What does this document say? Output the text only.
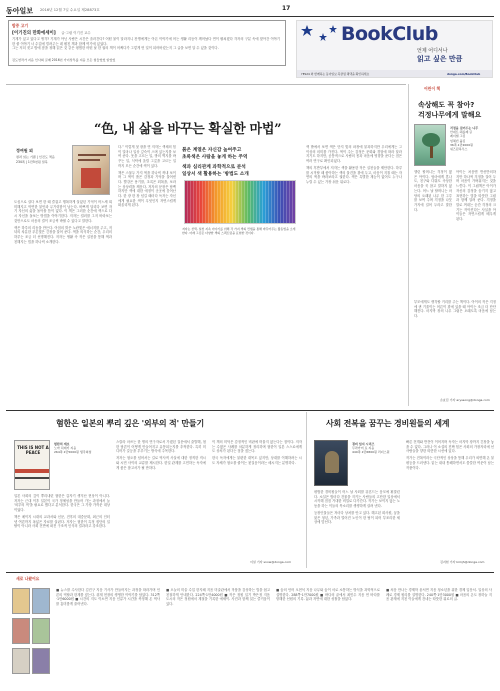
동아일보 2016년 12월 7일 수요일 제28873호	17
밤중 고기
[이기진의 만화에세이] 글·그림 이기진 교수

기계가 있고 있다고 생각? 기계가 아닌 사람은 시간은 흘러간다? 어떤 물이 달라지니 잔병에게는 아픈 이야기에 어는 생활 리듬이 깨어났다 연이 펼쳐졌다 각자의 구분 속에 찾아간 이야기 한 줄 이야기 너 수업에 빌려주는 데 펼친 책과 함께 여기에 있었다.

그는 저녁 짓고 밤에 잠을 청해 읽은 것 같은 평범한 어떤 날 한 권의 책이 어쩌다가 그렇게 먼 일이 되어버렸는지 그 글을 보면 알 수 있을 것이다.

김도연작가 지음 인사회 글배 2016년 가이상투를 지음 모든 힘들었었 읽었었
BookClub
언제 어디서나
읽고 싶은 만큼
YES24 와 함께하는 동아일보 북클럽 혜택을 확인하세요	donga.com/BookClub
“色, 내 삶을 바꾸는 확실한 마법”
정여원 외
컬러 읽는 기쁨 | 인진도 책음
234쪽 | 1만5천원 밀북

도심으로 살다 보면 한 때 즐겁고 행복하게 살았던 기억이 어느새 희미해지고 막연한 불안과 무기력함이 남는다. 바쁘게 달리다 보면 자기 자신의 삶을 돌아볼 틈이 없다. 이 책은 그러한 순간에 색으로 다시 자신을 돌보는 방법을 이야기한다. 저자는 컬러를 그저 바라보는 것만으로도 마음의 결이 조금씩 바뀔 수 있다고 말한다.

색은 하루의 리듬을 만든다. 아침의 밝은 노란빛은 에너지를 주고, 저녁의 차분한 푸른빛은 긴장을 풀어 준다. 색을 의식하는 순간, 우리의 하루는 조금 더 선명해진다. 저자는 생활 속 작은 실천을 통해 색과 친해지는 법을 하나씩 소개한다.

다.” 이렇게 첫 장을 연 저자는 색채의 힘이 얼마나 일상 깊숙이 스며 있는지를 보여 준다. 옷을 고르는 일, 방의 벽지를 바꾸는 일, 식탁에 올릴 그릇을 고르는 일까지 모든 순간에 색이 있다.

책은 스물두 가지 색을 하나씩 꺼내 보이며 그 색이 품은 감정과 기억을 풀어낸다. 빨강은 용기를, 초록은 회복을, 보라는 상상력을 깨운다. 저자의 문장은 담백하지만 색에 대한 애정이 곳곳에 묻어난다. 한 장 한 장 넘길 때마다 독자는 자신에게 필요한 색이 무엇인지 자연스럽게 떠올리게 된다.

붉은 계열은 자신감 높여주고
초록색은 사람을 놓게 하는 주역
색과 심리관계 과학적으로 분석
일상서 색 활용하는 '방법도 소개
저자는 선택, 실천 지속 이야기를 위해 각 가지 색의 컨셉을 통해 바꾸어주는 활동법을 소개한다. 아래 그림은 다양한 색의 스펙트럼을 표현한 것이다.

색 밖에서 보면 색은 단지 빛의 파장에 불과하지만 우리에게는 그 이상의 의미를 가진다. 색이 주는 감정은 문화와 경험에 따라 달라지기도 하지만, 공통적으로 사람의 몸과 마음에 영향을 준다는 점은 여러 연구로 확인되었다.

책의 후반부에서 저자는 색을 활용한 작은 실천들을 제안한다. 하루를 시작할 때 좋아하는 색의 물건을 곁에 두고, 마음이 지칠 때는 자연의 색을 바라보라고 권한다. 색은 특별한 재능이 없어도 누구나 누릴 수 있는 가장 쉬운 위로다.

어린이 책
속상해도 꼭 참아?
걱정나무에게 말해요
걱정을 걸어두는 나무
안네트·헤를레 글
레이첼 그림
임혜빈 옮김
36쪽·1만2000원
위즈덤하우스

엘린 할머니는 걱정이 많은 아이다. 엄마에게 혼나도, 친구와 다퉈도 속상한 마음을 꾹 참고 말하지 않는다. 어느 날 할머니는 마당의 오래된 나무 한 그루를 보여 주며 걱정을 나뭇가지에 걸어 두라고 말한다.

아이는 처음엔 반신반의하지만 하나씩 걱정을 걸어 두며 마음이 가벼워지는 것을 느낀다. 이 그림책은 아이가 자신의 감정을 숨기지 않고 표현하는 법을 따뜻한 그림과 함께 알려 준다. 걱정을 말로 꺼내는 순간 걱정의 크기는 작아진다는 사실을 아이들은 자연스럽게 배우게 된다.

부모에게도 생각할 거리를 주는 책이다. 아이의 작은 걱정에 귀 기울이는 어른이 곁에 있을 때 아이는 조금 더 단단해진다. 마지막 장의 나무 그림은 오래도록 마음에 남는다.

손효림 기자 aryssong@donga.com
혐한은 일본의 뿌리 깊은 '외부의 적' 만들기
THIS IS NOT A PEACE
혐한의 계보
노마 히데키 지음
264쪽·1만5000원 생각의힘

일본 사회의 깊이 뿌리내린 혐한은 갑자기 생겨난 현상이 아니다. 저자는 근대 이후 일본이 국가 정체성을 만들어 가는 과정에서 늘 '외부의 적'을 필요로 했다고 분석한다. 한국은 그 가장 가까운 대상이었다.

책은 메이지 시대의 교과서와 신문, 전후의 대중문화, 최근의 인터넷 여론까지 폭넓은 자료를 살핀다. 저자는 혐한이 특정 집단의 일탈이 아니라 사회 전반에 퍼진 구조적 인식의 결과라고 강조한다.

스칼라 마쓰는 한 명의 연구자로서 가졌던 질문에서 출발해, 혐한 담론이 어떻게 만들어지고 유통되는지를 추적한다. 특히 미디어가 갈등을 부추기는 방식에 주목한다.

저자는 혐오를 넘어서는 길로 역사적 사실에 대한 정직한 직시와 시민 사이의 교류를 제시한다. 한일 관계를 고민하는 독자에게 좋은 참고서가 될 만하다.

이 책의 미덕은 감정적인 비판에 머물지 않는다는 점이다. 저자는 수많은 사례를 차분하게 정리하며 혐한이 일본 스스로에게도 상처가 된다는 점을 짚는다.

한국 독자에게는 불편한 대목도 있지만, 상대를 이해하려는 시도 자체가 혐오를 줄이는 첫걸음이라는 메시지는 분명하다.

이설 기자 snow@donga.com
사회 전복을 꿈꾸는 경비원들의 세계
경비 일지 시리즈
무라카미 료 지음
440쪽·1만6800원 리더스원

평범한 경비원들이 어느 날 사회를 뒤흔드는 음모에 휘말린다. 소설은 밤마다 건물을 지키는 사람들의 고단한 일상에서 시작해 점점 거대한 비밀로 다가간다. 작가는 보이지 않는 노동을 하는 이들의 목소리를 생생하게 살려 낸다.

등장인물들은 저마다 상처를 안고 있다. 해고된 회사원, 꿈을 잃은 청년, 가족과 멀어진 노인이 한 팀이 되어 부조리한 세상에 맞선다.

빠른 전개와 반전이 이어지며 독자는 마지막 장까지 긴장을 놓을 수 없다. 그러나 이 소설의 진짜 힘은 사회의 가장자리에 선 사람들을 향한 따뜻한 시선에 있다.

작가는 전복이라는 극단적인 상상을 통해 우리가 외면해 온 불평등을 드러낸다. 읽는 내내 통쾌하면서도 씁쓸한 여운이 남는 작품이다.

김지현 기자 kimjh@donga.com
새로 나왔어요

■ 뉴스를 수사한다 김진구 지음 기사가 만들어지는 과정을 따라가며 언론의 역할과 한계를 짚는다. 취재 현장의 생생한 이야기를 담았다. 312쪽·1만6000원 ■ 시간의 지도 이소연 지음 인류가 시간을 측정해 온 역사를 흥미롭게 풀어낸다.

■ 오늘의 미술 수업 한지혜 지음 미술관에서 작품을 감상하는 법을 쉽고 친절하게 안내한다. 224쪽·1만4000원 ■ 작은 정원 일기 박은정 지음 도시의 작은 정원에서 계절을 기록한 에세이. 사진과 함께 읽는 즐거움이 있다.

■ 숲의 언어 오현석 지음 나무와 숲이 서로 소통하는 방식을 과학적으로 설명한다. 288쪽·1만7000원 ■ 바다의 끝에서 최민수 지음 먼 바다를 항해한 선원의 기록. 삶과 자연에 대한 성찰을 담았다.

■ 처음 만나는 경제학 윤서연 지음 청소년을 위한 경제 입문서. 일상의 사례로 경제 원리를 설명한다. 240쪽·1만3000원 ■ 마음의 온도 장하늘 지음 관계에 지친 이들에게 건네는 따뜻한 위로의 글.
